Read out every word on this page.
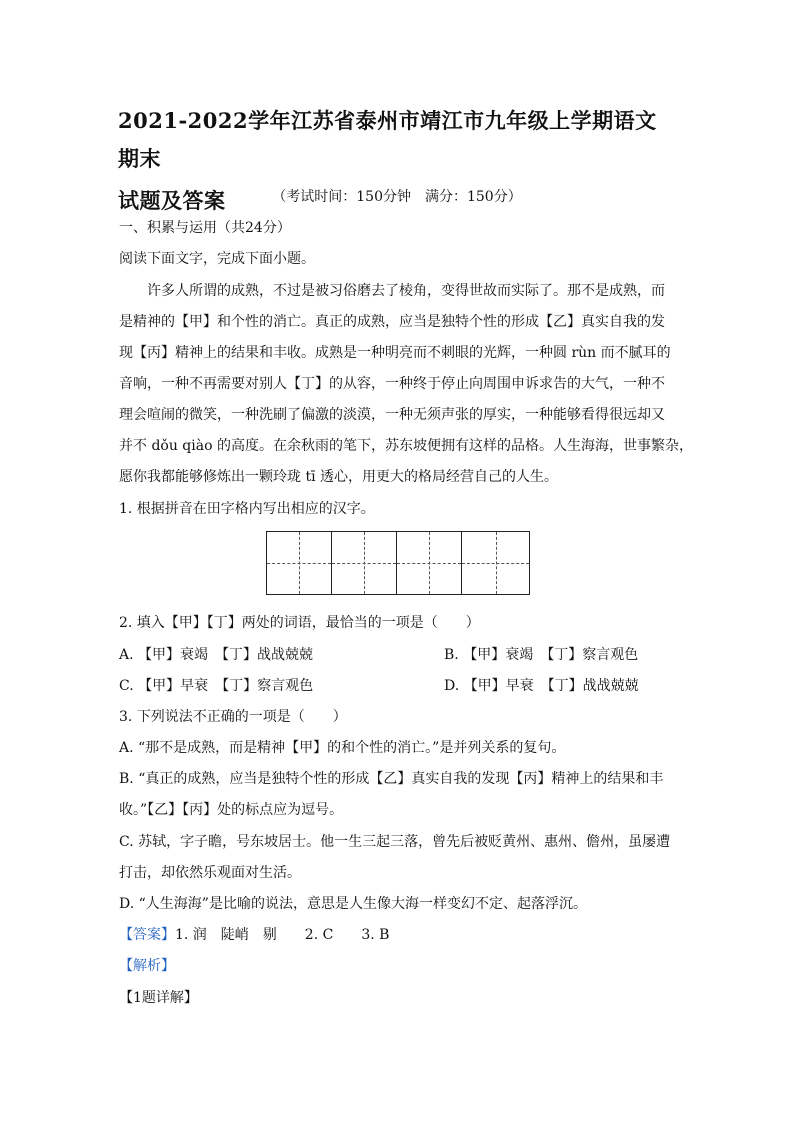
2021-2022学年江苏省泰州市靖江市九年级上学期语文期末
试题及答案	（考试时间：150分钟　满分：150分）
一、积累与运用（共24分）
阅读下面文字，完成下面小题。
　　许多人所谓的成熟，不过是被习俗磨去了棱角，变得世故而实际了。那不是成熟，而
是精神的【甲】和个性的消亡。真正的成熟，应当是独特个性的形成【乙】真实自我的发
现【丙】精神上的结果和丰收。成熟是一种明亮而不刺眼的光辉，一种圆 rùn 而不腻耳的
音响，一种不再需要对别人【丁】的从容，一种终于停止向周围申诉求告的大气，一种不
理会喧闹的微笑，一种洗刷了偏激的淡漠，一种无须声张的厚实，一种能够看得很远却又
并不 dǒu qiào 的高度。在余秋雨的笔下，苏东坡便拥有这样的品格。人生海海，世事繁杂，
愿你我都能够修炼出一颗玲珑 tī 透心，用更大的格局经营自己的人生。
1. 根据拼音在田字格内写出相应的汉字。
2. 填入【甲】【丁】两处的词语，最恰当的一项是（　　）
A. 【甲】衰竭　【丁】战战兢兢	B. 【甲】衰竭　【丁】察言观色
C. 【甲】早衰　【丁】察言观色	D. 【甲】早衰　【丁】战战兢兢
3. 下列说法不正确的一项是（　　）
A. “那不是成熟，而是精神【甲】的和个性的消亡。”是并列关系的复句。
B. “真正的成熟，应当是独特个性的形成【乙】真实自我的发现【丙】精神上的结果和丰
收。”【乙】【丙】处的标点应为逗号。
C. 苏轼，字子瞻，号东坡居士。他一生三起三落，曾先后被贬黄州、惠州、儋州，虽屡遭
打击，却依然乐观面对生活。
D. “人生海海”是比喻的说法，意思是人生像大海一样变幻不定、起落浮沉。
【答案】1. 润　陡峭　剔　　2. C　　3. B
【解析】
【1题详解】
